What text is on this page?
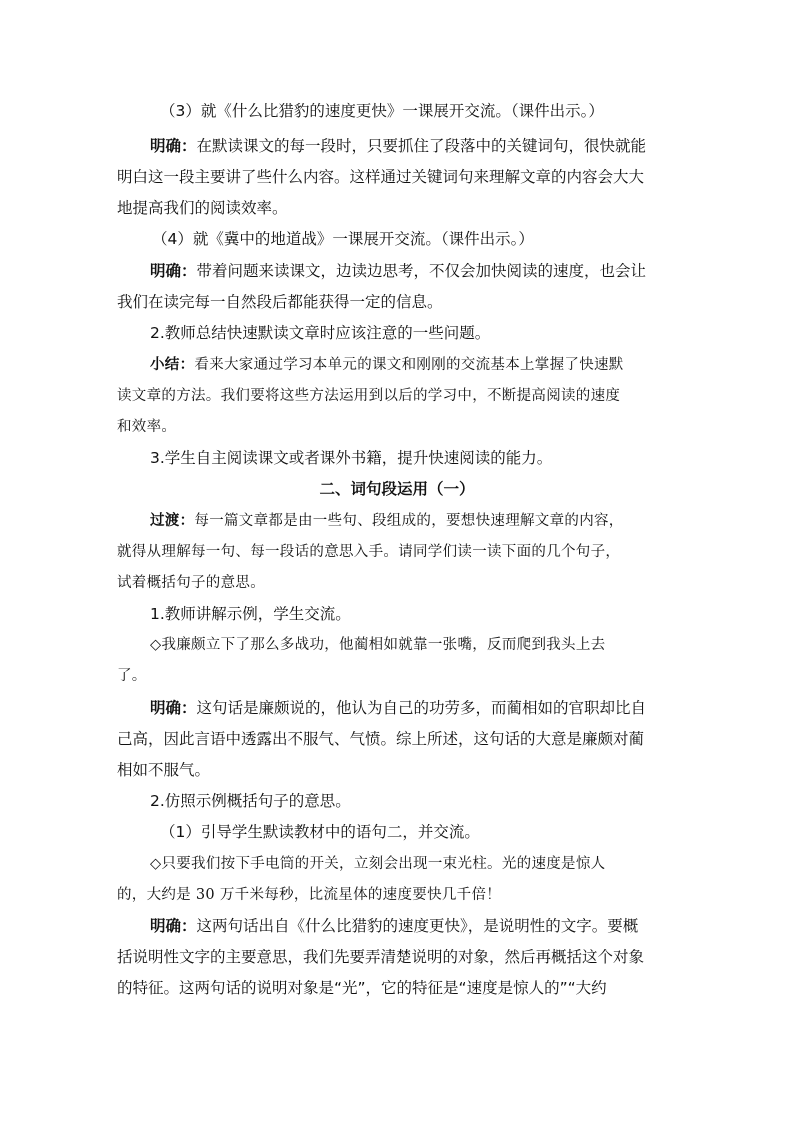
（3）就《什么比猎豹的速度更快》一课展开交流。（课件出示。）
明确：在默读课文的每一段时，只要抓住了段落中的关键词句，很快就能
明白这一段主要讲了些什么内容。这样通过关键词句来理解文章的内容会大大
地提高我们的阅读效率。
（4）就《冀中的地道战》一课展开交流。（课件出示。）
明确：带着问题来读课文，边读边思考，不仅会加快阅读的速度，也会让
我们在读完每一自然段后都能获得一定的信息。
2.教师总结快速默读文章时应该注意的一些问题。
小结：看来大家通过学习本单元的课文和刚刚的交流基本上掌握了快速默
读文章的方法。我们要将这些方法运用到以后的学习中，不断提高阅读的速度
和效率。
3.学生自主阅读课文或者课外书籍，提升快速阅读的能力。
二、词句段运用（一）
过渡：每一篇文章都是由一些句、段组成的，要想快速理解文章的内容，
就得从理解每一句、每一段话的意思入手。请同学们读一读下面的几个句子，
试着概括句子的意思。
1.教师讲解示例，学生交流。
◇我廉颇立下了那么多战功，他蔺相如就靠一张嘴，反而爬到我头上去
了。
明确：这句话是廉颇说的，他认为自己的功劳多，而蔺相如的官职却比自
己高，因此言语中透露出不服气、气愤。综上所述，这句话的大意是廉颇对蔺
相如不服气。
2.仿照示例概括句子的意思。
（1）引导学生默读教材中的语句二，并交流。
◇只要我们按下手电筒的开关，立刻会出现一束光柱。光的速度是惊人
的，大约是 30 万千米每秒，比流星体的速度要快几千倍！
明确：这两句话出自《什么比猎豹的速度更快》，是说明性的文字。要概
括说明性文字的主要意思，我们先要弄清楚说明的对象，然后再概括这个对象
的特征。这两句话的说明对象是“光”，它的特征是“速度是惊人的”“大约
